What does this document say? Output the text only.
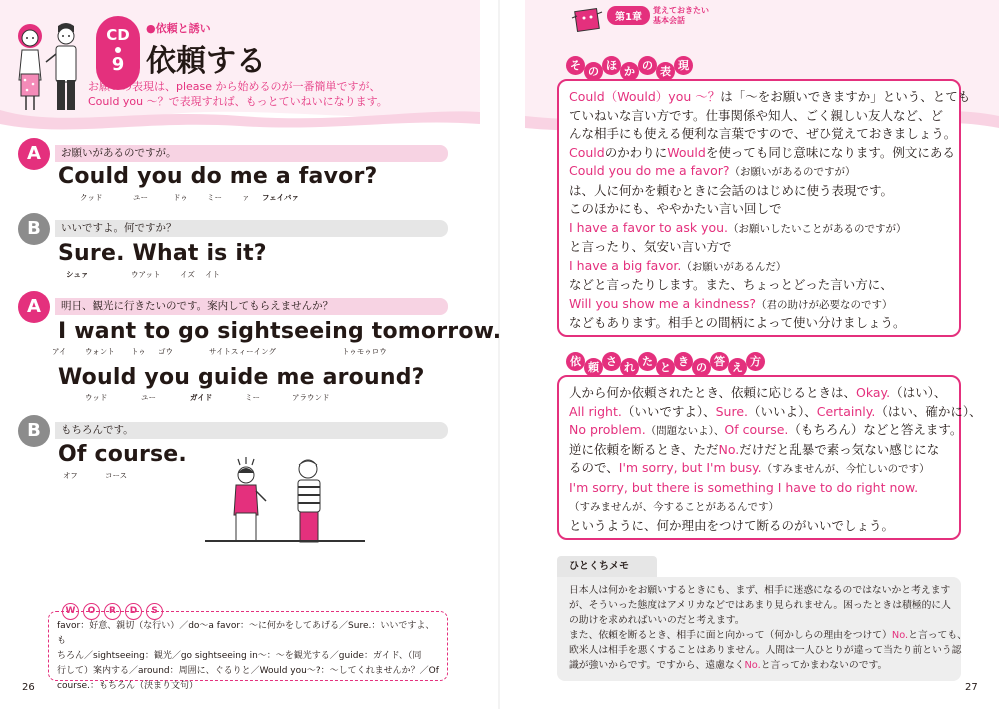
CD
9
●依頼と誘い
依頼する
お願いの表現は、please から始めるのが一番簡単ですが、
Could you ～？で表現すれば、もっとていねいになります。
A	お願いがあるのですが。
Could you do me a favor?
クッド	ユー	ドゥ	ミー	ァ フェイバァ
B	いいですよ。何ですか？
Sure. What is it?
シュァ	ウアット	イズ イト
A	明日、観光に行きたいのです。案内してもらえませんか？
I want to go sightseeing tomorrow.
アイ ウォント トゥ ゴウ	サイトスィーイング	トゥモゥロウ
Would you guide me around?
ウッド	ユー	ガイド	ミー	アラウンド
B	もちろんです。
Of course.
オフ	コース
W O R D S
favor：好意、親切（な行い）／do～a favor：～に何かをしてあげる／Sure.：いいですよ、も
ちろん／sightseeing：観光／go sightseeing in～：～を観光する／guide：ガイド、（同
行して）案内する／around：周囲に、ぐるりと／Would you～?：～してくれませんか？／Of
course.：もちろん（決まり文句）
26
第1章
覚えておきたい
基本会話
そ の ほ か の 表 現
Could（Would）you ～？は「～をお願いできますか」という、とても
ていねいな言い方です。仕事関係や知人、ごく親しい友人など、ど
んな相手にも使える便利な言葉ですので、ぜひ覚えておきましょう。
CouldのかわりにWouldを使っても同じ意味になります。例文にある
Could you do me a favor?（お願いがあるのですが）
は、人に何かを頼むときに会話のはじめに使う表現です。
このほかにも、ややかたい言い回しで
I have a favor to ask you.（お願いしたいことがあるのですが）
と言ったり、気安い言い方で
I have a big favor.（お願いがあるんだ）
などと言ったりします。また、ちょっとどった言い方に、
Will you show me a kindness?（君の助けが必要なのです）
などもあります。相手との間柄によって使い分けましょう。
依 頼 さ れ た と き の 答 え 方
人から何か依頼されたとき、依頼に応じるときは、Okay.（はい）、
All right.（いいですよ）、Sure.（いいよ）、Certainly.（はい、確かに）、
No problem.（問題ないよ）、Of course.（もちろん）などと答えます。
逆に依頼を断るとき、ただNo.だけだと乱暴で素っ気ない感じにな
るので、I'm sorry, but I'm busy.（すみませんが、今忙しいのです）
I'm sorry, but there is something I have to do right now.
（すみませんが、今することがあるんです）
というように、何か理由をつけて断るのがいいでしょう。
ひとくちメモ
日本人は何かをお願いするときにも、まず、相手に迷惑になるのではないかと考えます
が、そういった態度はアメリカなどではあまり見られません。困ったときは積極的に人
の助けを求めればいいのだと考えます。
また、依頼を断るとき、相手に面と向かって（何かしらの理由をつけて）No.と言っても、
欧米人は相手を悪くすることはありません。人間は一人ひとりが違って当たり前という認
識が強いからです。ですから、遠慮なくNo.と言ってかまわないのです。
27
